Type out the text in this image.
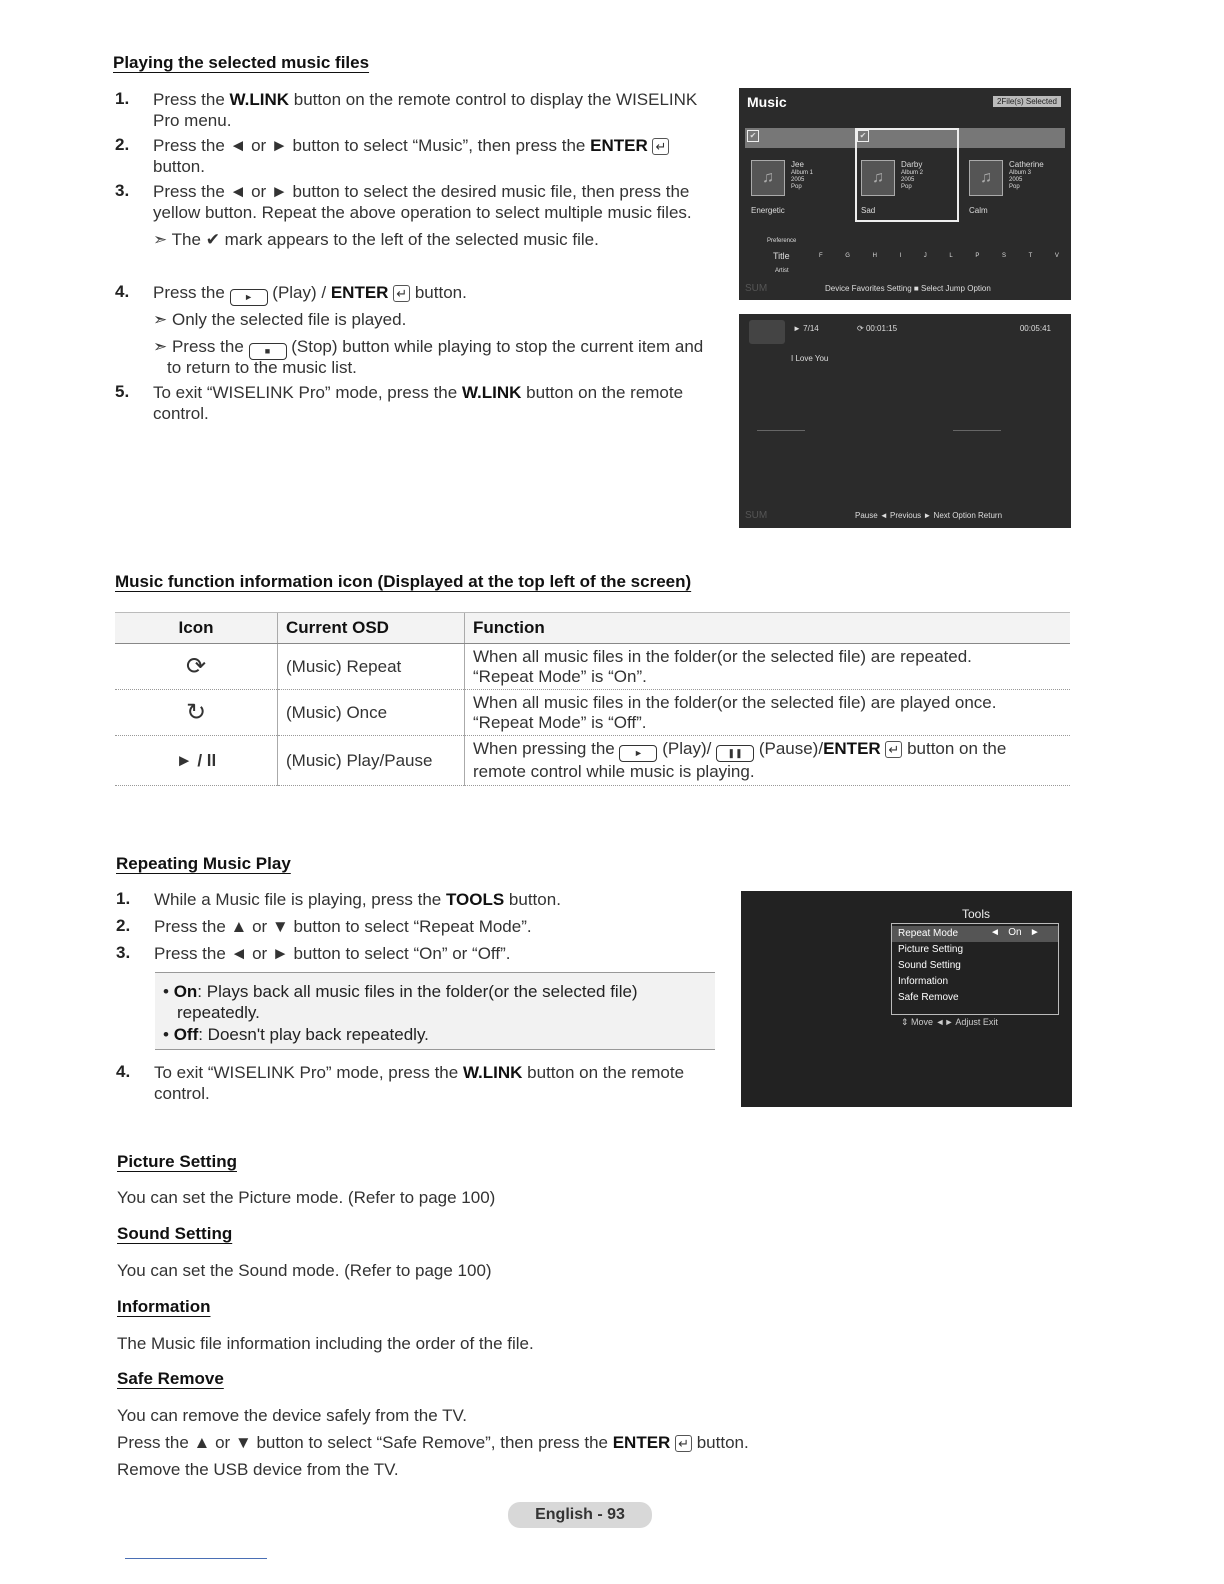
Playing the selected music files
1. Press the W.LINK button on the remote control to display the WISELINK
Pro menu.
2. Press the ◄ or ► button to select “Music”, then press the ENTER ↵
button.
3. Press the ◄ or ► button to select the desired music file, then press the
yellow button. Repeat the above operation to select multiple music files.
➣ The ✔ mark appears to the left of the selected music file.
4. Press the ► (Play) / ENTER ↵ button.
➣ Only the selected file is played.
➣ Press the ■ (Stop) button while playing to stop the current item and
to return to the music list.
5. To exit “WISELINK Pro” mode, press the W.LINK button on the remote
control.
Music	2File(s) Selected
✔	✔
♫
Jee
Album 1
2005
Pop
Energetic
♫
Darby
Album 2
2005
Pop
Sad
♫
Catherine
Album 3
2005
Pop
Calm
Preference
Title
Artist
F	G	H	I	J	L	P	S	T	V
SUM	Device Favorites Setting ■ Select Jump Option
► 7/14	⟳ 00:01:15	00:05:41
I Love You
SUM	Pause ◄ Previous ► Next Option Return
Music function information icon (Displayed at the top left of the screen)
Icon	Current OSD	Function
⟳	(Music) Repeat	When all music files in the folder(or the selected file) are repeated.
“Repeat Mode” is “On”.

↻	(Music) Once	When all music files in the folder(or the selected file) are played once.
“Repeat Mode” is “Off”.

► / ll	(Music) Play/Pause	When pressing the ► (Play)/ ❚❚ (Pause)/ENTER ↵ button on the
remote control while music is playing.
Repeating Music Play
1. While a Music file is playing, press the TOOLS button.
2. Press the ▲ or ▼ button to select “Repeat Mode”.
3. Press the ◄ or ► button to select “On” or “Off”.
• On: Plays back all music files in the folder(or the selected file)
repeatedly.
• Off: Doesn't play back repeatedly.
4. To exit “WISELINK Pro” mode, press the W.LINK button on the remote
control.
Tools
Repeat Mode	◄   On   ►
Picture Setting
Sound Setting
Information
Safe Remove
⇕ Move ◄► Adjust Exit
Picture Setting
You can set the Picture mode. (Refer to page 100)
Sound Setting
You can set the Sound mode. (Refer to page 100)
Information
The Music file information including the order of the file.
Safe Remove
You can remove the device safely from the TV.
Press the ▲ or ▼ button to select “Safe Remove”, then press the ENTER ↵ button.
Remove the USB device from the TV.
English - 93
